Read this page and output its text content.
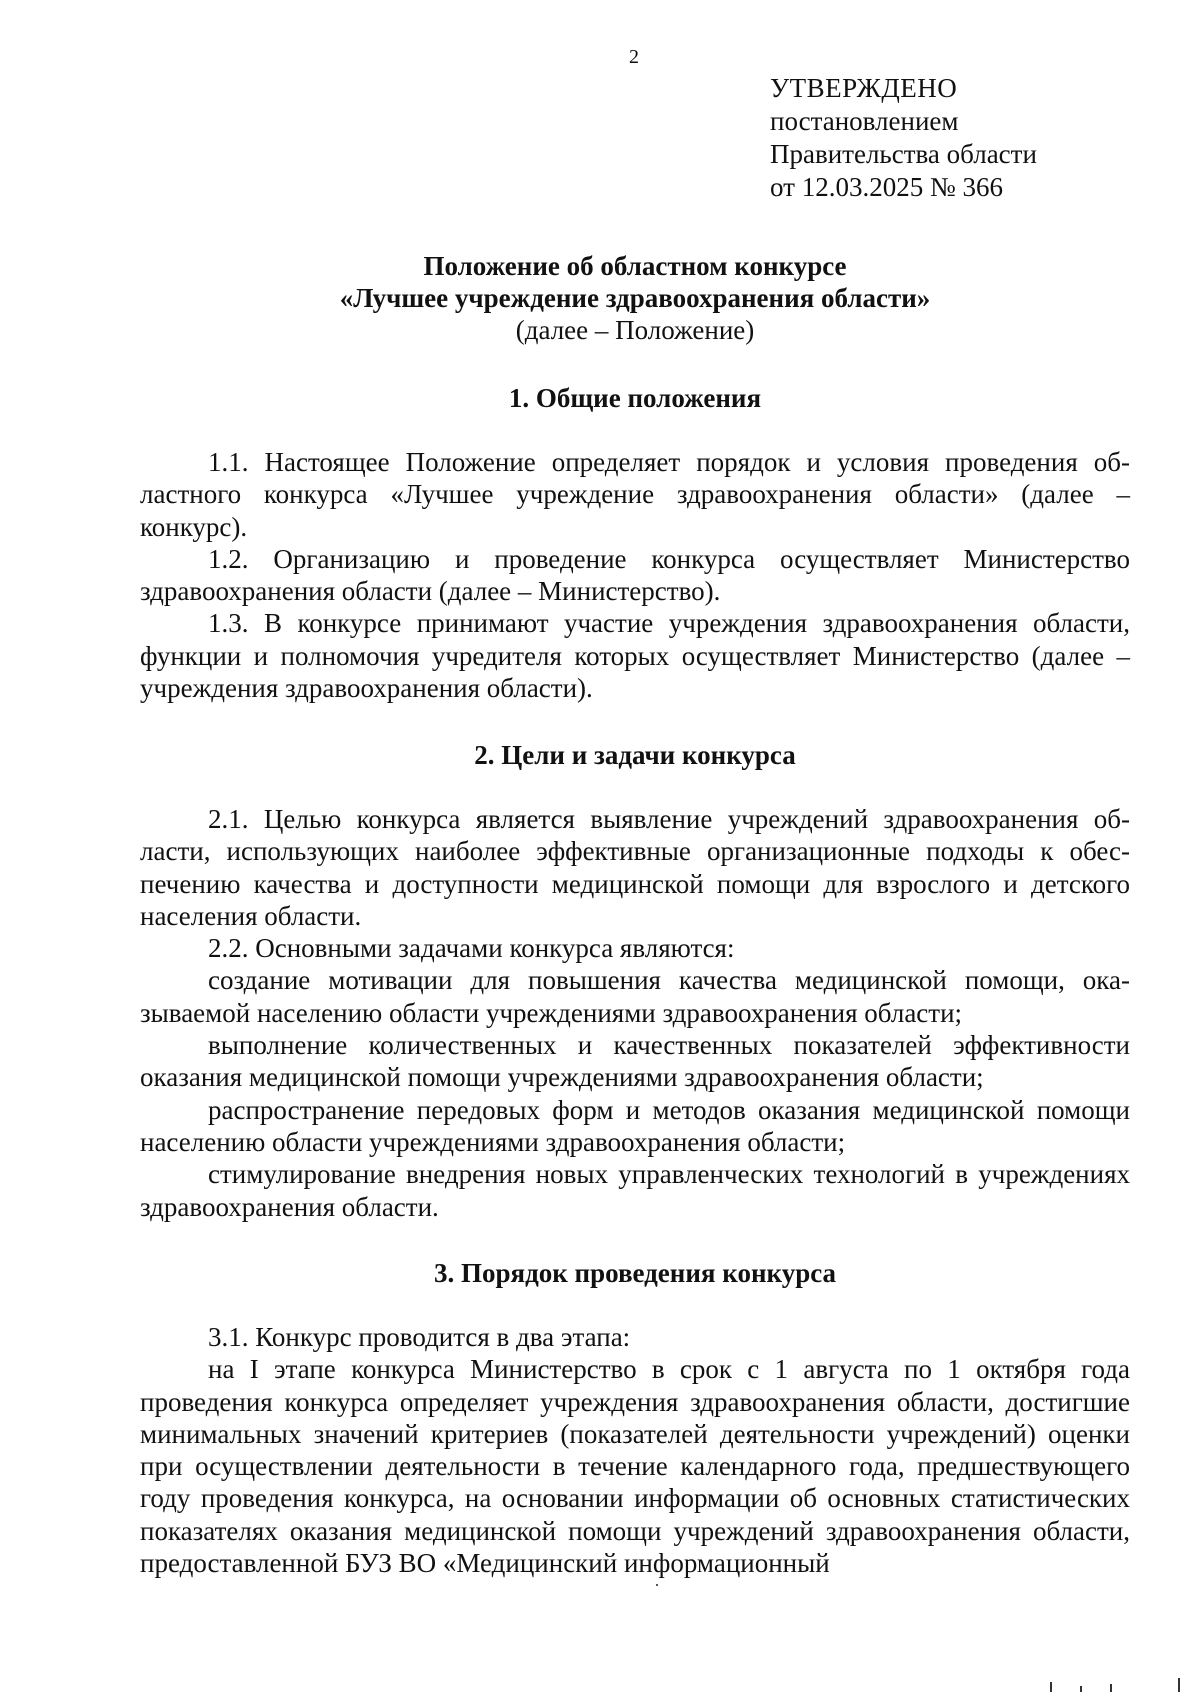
2
УТВЕРЖДЕНО
постановлением
Правительства области
от 12.03.2025 № 366
Положение об областном конкурсе
«Лучшее учреждение здравоохранения области»
(далее – Положение)
1. Общие положения

1.1. Настоящее Положение определяет порядок и условия проведения областного конкурса «Лучшее учреждение здравоохранения области» (далее – конкурс).

1.2. Организацию и проведение конкурса осуществляет Министерство здравоохранения области (далее – Министерство).

1.3. В конкурсе принимают участие учреждения здравоохранения области, функции и полномочия учредителя которых осуществляет Министерство (далее – учреждения здравоохранения области).

2. Цели и задачи конкурса

2.1. Целью конкурса является выявление учреждений здравоохранения области, использующих наиболее эффективные организационные подходы к обеспечению качества и доступности медицинской помощи для взрослого и детского населения области.

2.2. Основными задачами конкурса являются:

создание мотивации для повышения качества медицинской помощи, оказываемой населению области учреждениями здравоохранения области;

выполнение количественных и качественных показателей эффективности оказания медицинской помощи учреждениями здравоохранения области;

распространение передовых форм и методов оказания медицинской помощи населению области учреждениями здравоохранения области;

стимулирование внедрения новых управленческих технологий в учреждениях здравоохранения области.

3. Порядок проведения конкурса

3.1. Конкурс проводится в два этапа:

на I этапе конкурса Министерство в срок с 1 августа по 1 октября года проведения конкурса определяет учреждения здравоохранения области, достигшие минимальных значений критериев (показателей деятельности учреждений) оценки при осуществлении деятельности в течение календарного года, предшествующего году проведения конкурса, на основании информации об основных статистических показателях оказания медицинской помощи учреждений здравоохранения области, предоставленной БУЗ ВО «Медицинский информационный
